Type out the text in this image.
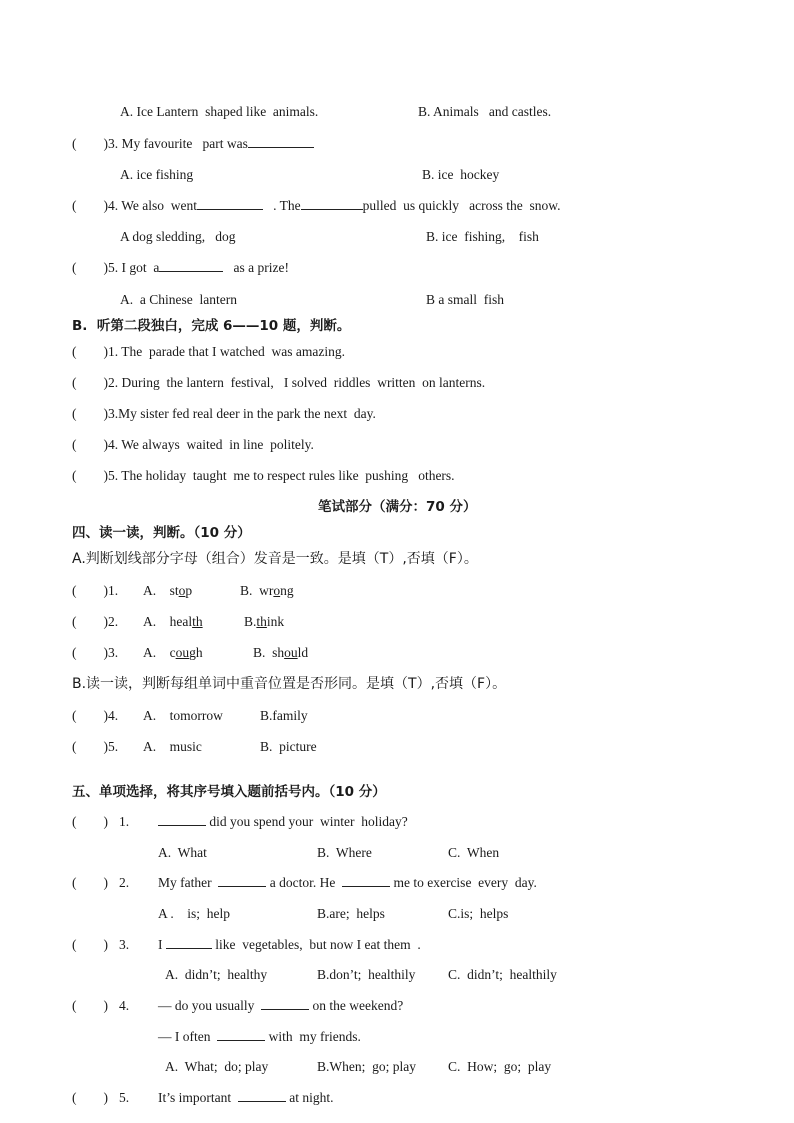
A. Ice Lantern  shaped like  animals.	B. Animals   and castles.
(        ) 3. My favourite   part was
A. ice fishing	B. ice  hockey
(        ) 4. We also  went	. The	pulled  us quickly   across the  snow.
A dog sledding,   dog	B. ice  fishing,    fish
(        ) 5. I got  a	as a prize!
A.  a Chinese  lantern	B a small  fish
B.  听第二段独白，完成 6——10 题，判断。
(        ) 1. The  parade that I watched  was amazing.
(        ) 2. During  the lantern  festival,   I solved  riddles  written  on lanterns.
(        ) 3.My sister fed real deer in the park the next  day.
(        ) 4. We always  waited  in line  politely.
(        ) 5. The holiday  taught  me to respect rules like  pushing   others.
笔试部分（满分：70 分）
四、读一读，判断。（10 分）
A.判断划线部分字母（组合）发音是一致。是填（T）,否填（F）。
(        ) 1. A.    stop	B.  wrong
(        ) 2. A.    health	B.think
(        ) 3. A.    cough	B.  should
B.读一读，判断每组单词中重音位置是否形同。是填（T）,否填（F）。
(        ) 4. A.    tomorrow	B.family
(        ) 5. A.    music	B.  picture
五、单项选择，将其序号填入题前括号内。（10 分）
(        ) 1.	did you spend your  winter  holiday?
A.  What	B.  Where	C.  When
(        ) 2. My father	a doctor. He	me to exercise  every  day.
A .    is;  help	B.are;  helps	C.is;  helps
(        ) 3. I	like  vegetables,  but now I eat them  .
A.  didn’t;  healthy	B.don’t;  healthily C.  didn’t;  healthily
(        ) 4. — do you usually	on the weekend?
— I often	with  my friends.
A.  What;  do; play	B.When;  go; play C.  How;  go;  play
(        ) 5. It’s important	at night.
